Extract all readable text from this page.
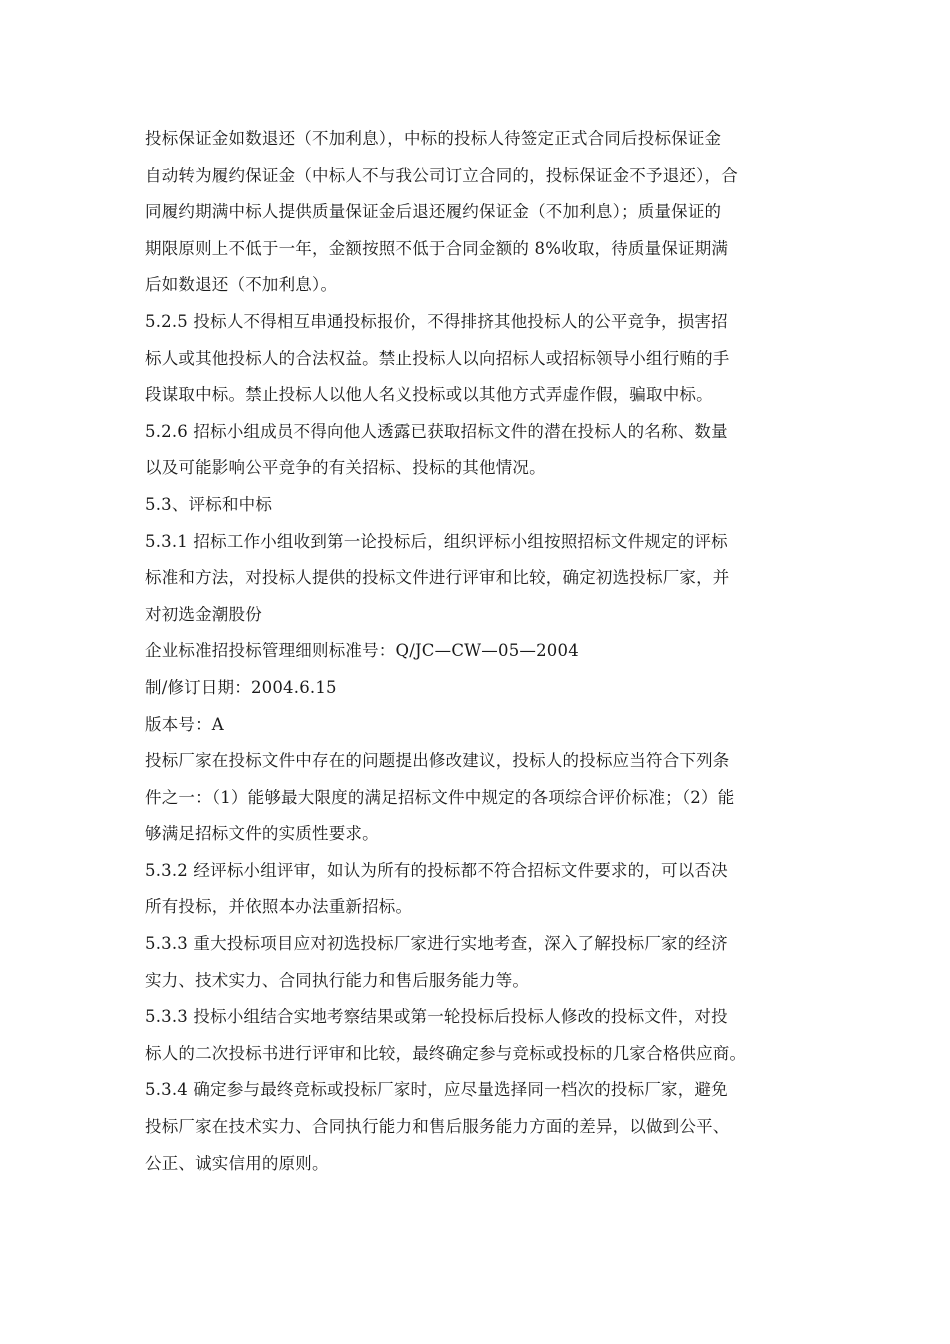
投标保证金如数退还（不加利息），中标的投标人待签定正式合同后投标保证金
自动转为履约保证金（中标人不与我公司订立合同的，投标保证金不予退还），合
同履约期满中标人提供质量保证金后退还履约保证金（不加利息）；质量保证的
期限原则上不低于一年，金额按照不低于合同金额的 8%收取，待质量保证期满
后如数退还（不加利息）。

5.2.5 投标人不得相互串通投标报价，不得排挤其他投标人的公平竞争，损害招
标人或其他投标人的合法权益。禁止投标人以向招标人或招标领导小组行贿的手
段谋取中标。禁止投标人以他人名义投标或以其他方式弄虚作假，骗取中标。

5.2.6 招标小组成员不得向他人透露已获取招标文件的潜在投标人的名称、数量
以及可能影响公平竞争的有关招标、投标的其他情况。

5.3、评标和中标

5.3.1 招标工作小组收到第一论投标后，组织评标小组按照招标文件规定的评标
标准和方法，对投标人提供的投标文件进行评审和比较，确定初选投标厂家，并
对初选金潮股份

企业标准招投标管理细则标准号：Q/JC—CW—05—2004

制/修订日期：2004.6.15

版本号：A

投标厂家在投标文件中存在的问题提出修改建议，投标人的投标应当符合下列条
件之一：（1）能够最大限度的满足招标文件中规定的各项综合评价标准；（2）能
够满足招标文件的实质性要求。

5.3.2 经评标小组评审，如认为所有的投标都不符合招标文件要求的，可以否决
所有投标，并依照本办法重新招标。

5.3.3 重大投标项目应对初选投标厂家进行实地考查，深入了解投标厂家的经济
实力、技术实力、合同执行能力和售后服务能力等。

5.3.3 投标小组结合实地考察结果或第一轮投标后投标人修改的投标文件，对投
标人的二次投标书进行评审和比较，最终确定参与竞标或投标的几家合格供应商。

5.3.4 确定参与最终竞标或投标厂家时，应尽量选择同一档次的投标厂家，避免
投标厂家在技术实力、合同执行能力和售后服务能力方面的差异，以做到公平、
公正、诚实信用的原则。
